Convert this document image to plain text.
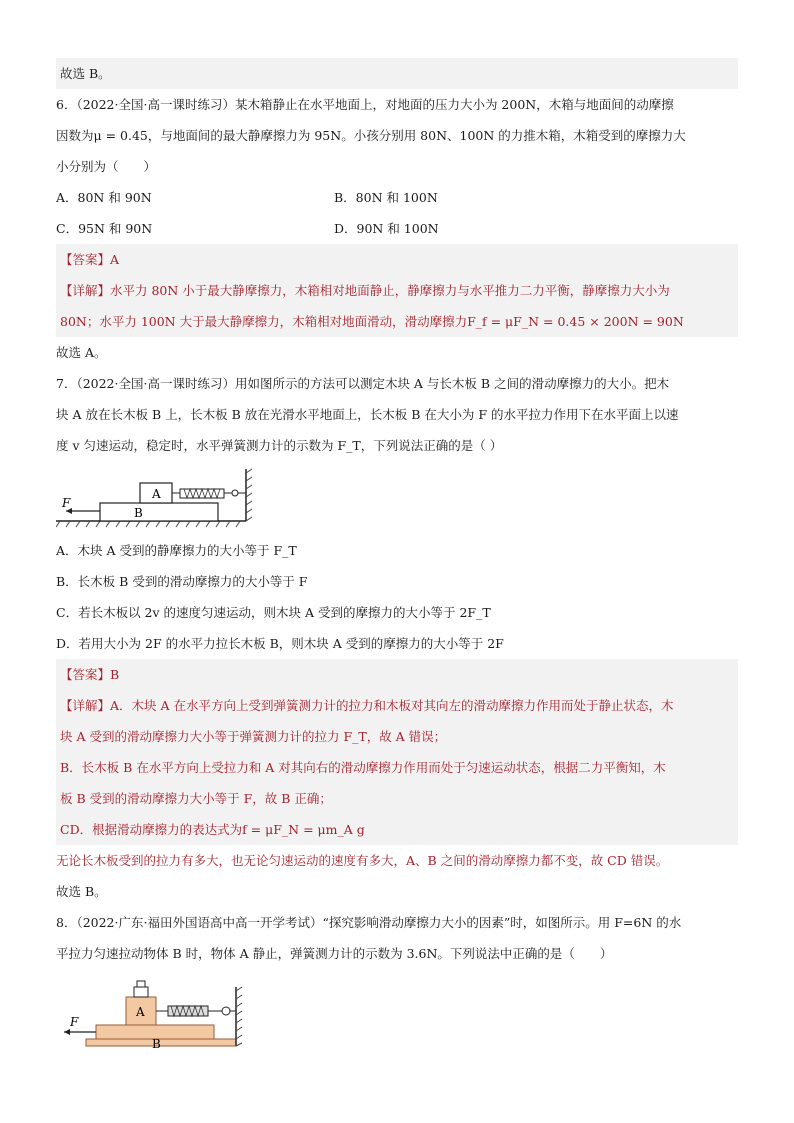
故选 B。
6．（2022·全国·高一课时练习）某木箱静止在水平地面上，对地面的压力大小为 200N，木箱与地面间的动摩擦
因数为μ = 0.45，与地面间的最大静摩擦力为 95N。小孩分别用 80N、100N 的力推木箱，木箱受到的摩擦力大
小分别为（　　）
A．80N 和 90N	B．80N 和 100N
C．95N 和 90N	D．90N 和 100N
【答案】A
【详解】水平力 80N 小于最大静摩擦力，木箱相对地面静止，静摩擦力与水平推力二力平衡，静摩擦力大小为
80N；水平力 100N 大于最大静摩擦力，木箱相对地面滑动，滑动摩擦力F_f = μF_N = 0.45 × 200N = 90N
故选 A。
7．（2022·全国·高一课时练习）用如图所示的方法可以测定木块 A 与长木板 B 之间的滑动摩擦力的大小。把木
块 A 放在长木板 B 上，长木板 B 放在光滑水平地面上，长木板 B 在大小为 F 的水平拉力作用下在水平面上以速
度 v 匀速运动，稳定时，水平弹簧测力计的示数为 F_T，下列说法正确的是（ ）
A
B
F
A．木块 A 受到的静摩擦力的大小等于 F_T
B．长木板 B 受到的滑动摩擦力的大小等于 F
C．若长木板以 2v 的速度匀速运动，则木块 A 受到的摩擦力的大小等于 2F_T
D．若用大小为 2F 的水平力拉长木板 B，则木块 A 受到的摩擦力的大小等于 2F
【答案】B
【详解】A．木块 A 在水平方向上受到弹簧测力计的拉力和木板对其向左的滑动摩擦力作用而处于静止状态，木
块 A 受到的滑动摩擦力大小等于弹簧测力计的拉力 F_T，故 A 错误；
B．长木板 B 在水平方向上受拉力和 A 对其向右的滑动摩擦力作用而处于匀速运动状态，根据二力平衡知，木
板 B 受到的滑动摩擦力大小等于 F，故 B 正确；
CD．根据滑动摩擦力的表达式为f = μF_N = μm_A g
无论长木板受到的拉力有多大，也无论匀速运动的速度有多大，A、B 之间的滑动摩擦力都不变，故 CD 错误。
故选 B。
8．（2022·广东·福田外国语高中高一开学考试）“探究影响滑动摩擦力大小的因素”时，如图所示。用 F=6N 的水
平拉力匀速拉动物体 B 时，物体 A 静止，弹簧测力计的示数为 3.6N。下列说法中正确的是（　　）
A
B
F
